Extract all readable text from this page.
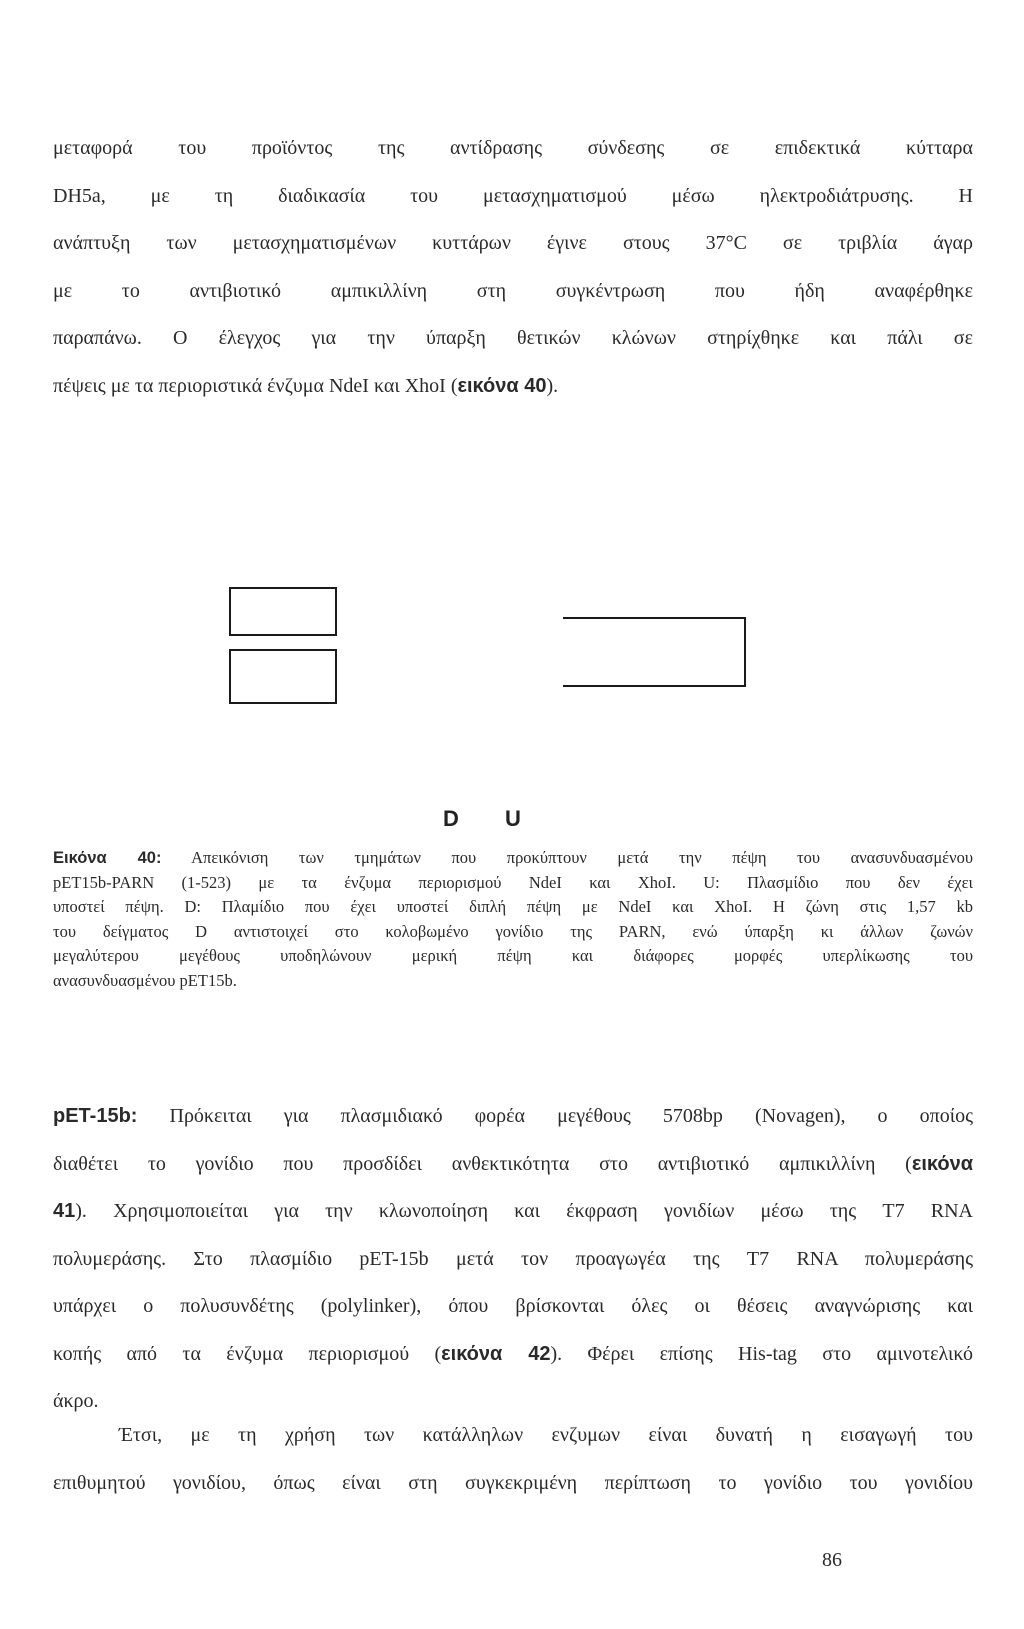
μεταφορά του προϊόντος της αντίδρασης σύνδεσης σε επιδεκτικά κύτταρα
DH5a, με τη διαδικασία του μετασχηματισμού μέσω ηλεκτροδιάτρυσης. Η
ανάπτυξη των μετασχηματισμένων κυττάρων έγινε στους 37°C σε τριβλία άγαρ
με το αντιβιοτικό αμπικιλλίνη στη συγκέντρωση που ήδη αναφέρθηκε
παραπάνω. Ο έλεγχος για την ύπαρξη θετικών κλώνων στηρίχθηκε και πάλι σε
πέψεις με τα περιοριστικά ένζυμα NdeI και XhoI (εικόνα 40).
D U
Εικόνα 40: Απεικόνιση των τμημάτων που προκύπτουν μετά την πέψη του ανασυνδυασμένου
pET15b-PARN (1-523) με τα ένζυμα περιορισμού NdeI και XhoI. U: Πλασμίδιο που δεν έχει
υποστεί πέψη. D: Πλαμίδιο που έχει υποστεί διπλή πέψη με NdeI και XhoI. Η ζώνη στις 1,57 kb
του δείγματος D αντιστοιχεί στο κολοβωμένο γονίδιο της PARN, ενώ ύπαρξη κι άλλων ζωνών
μεγαλύτερου μεγέθους υποδηλώνουν μερική πέψη και διάφορες μορφές υπερλίκωσης του
ανασυνδυασμένου pET15b.
pET-15b: Πρόκειται για πλασμιδιακό φορέα μεγέθους 5708bp (Novagen), ο οποίος
διαθέτει το γονίδιο που προσδίδει ανθεκτικότητα στο αντιβιοτικό αμπικιλλίνη (εικόνα
41). Χρησιμοποιείται για την κλωνοποίηση και έκφραση γονιδίων μέσω της T7 RNA
πολυμεράσης. Στο πλασμίδιο pET-15b μετά τον προαγωγέα της T7 RNA πολυμεράσης
υπάρχει ο πολυσυνδέτης (polylinker), όπου βρίσκονται όλες οι θέσεις αναγνώρισης και
κοπής από τα ένζυμα περιορισμού (εικόνα 42). Φέρει επίσης His-tag στο αμινοτελικό
άκρο.
Έτσι, με τη χρήση των κατάλληλων ενζυμων είναι δυνατή η εισαγωγή του
επιθυμητού γονιδίου, όπως είναι στη συγκεκριμένη περίπτωση το γονίδιο του γονιδίου
86
